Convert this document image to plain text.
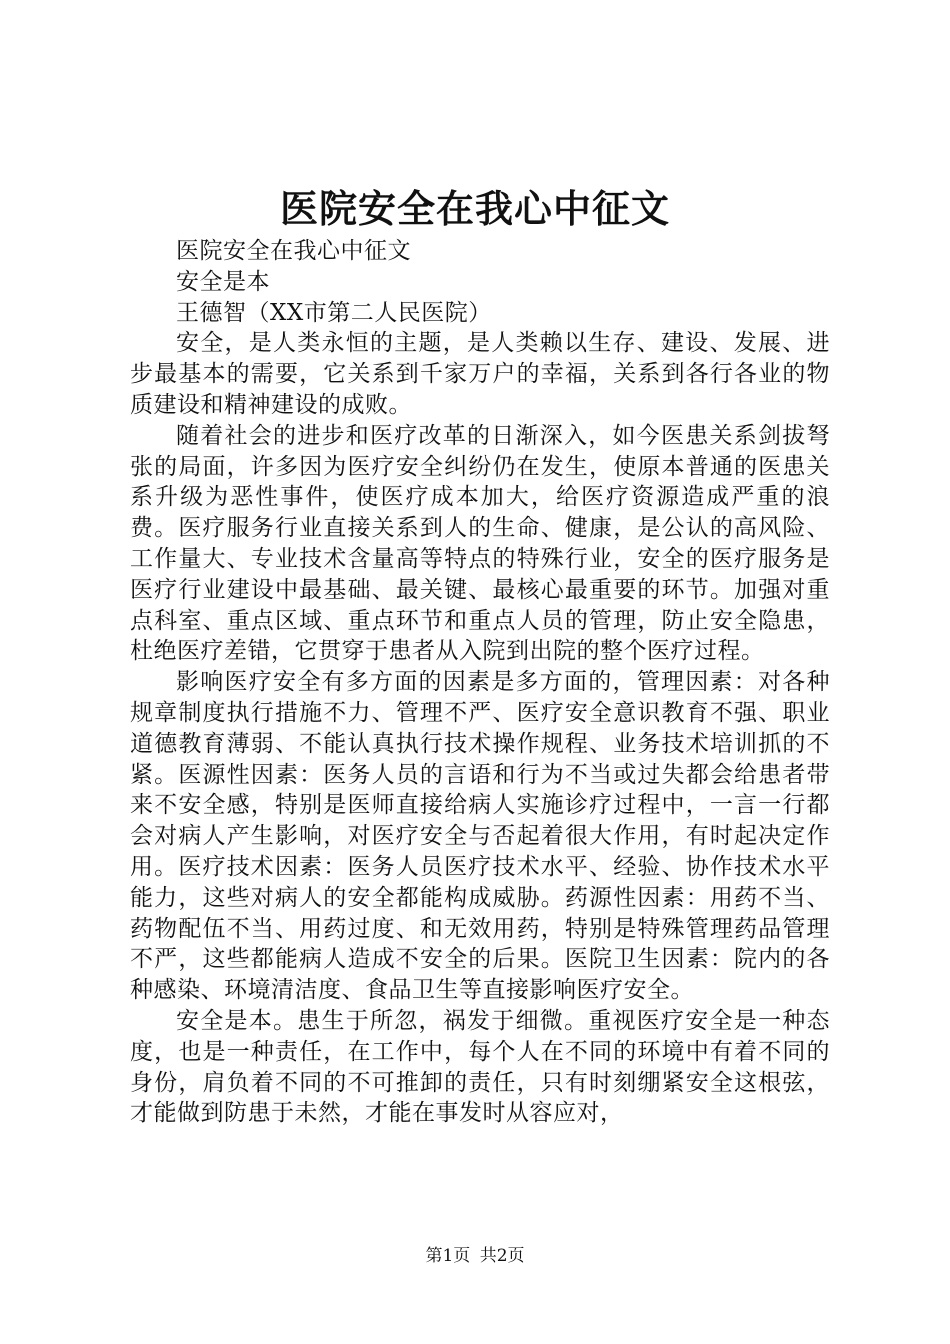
医院安全在我心中征文

医院安全在我心中征文

安全是本

王德智（XX市第二人民医院）

安全，是人类永恒的主题，是人类赖以生存、建设、发展、进步最基本的需要，它关系到千家万户的幸福，关系到各行各业的物质建设和精神建设的成败。

随着社会的进步和医疗改革的日渐深入，如今医患关系剑拔弩张的局面，许多因为医疗安全纠纷仍在发生，使原本普通的医患关系升级为恶性事件，使医疗成本加大，给医疗资源造成严重的浪费。医疗服务行业直接关系到人的生命、健康，是公认的高风险、工作量大、专业技术含量高等特点的特殊行业，安全的医疗服务是医疗行业建设中最基础、最关键、最核心最重要的环节。加强对重点科室、重点区域、重点环节和重点人员的管理，防止安全隐患，杜绝医疗差错，它贯穿于患者从入院到出院的整个医疗过程。

影响医疗安全有多方面的因素是多方面的，管理因素：对各种规章制度执行措施不力、管理不严、医疗安全意识教育不强、职业道德教育薄弱、不能认真执行技术操作规程、业务技术培训抓的不紧。医源性因素：医务人员的言语和行为不当或过失都会给患者带来不安全感，特别是医师直接给病人实施诊疗过程中，一言一行都会对病人产生影响，对医疗安全与否起着很大作用，有时起决定作用。医疗技术因素：医务人员医疗技术水平、经验、协作技术水平能力，这些对病人的安全都能构成威胁。药源性因素：用药不当、药物配伍不当、用药过度、和无效用药，特别是特殊管理药品管理不严，这些都能病人造成不安全的后果。医院卫生因素：院内的各种感染、环境清洁度、食品卫生等直接影响医疗安全。

安全是本。患生于所忽，祸发于细微。重视医疗安全是一种态度，也是一种责任，在工作中，每个人在不同的环境中有着不同的身份，肩负着不同的不可推卸的责任，只有时刻绷紧安全这根弦，才能做到防患于未然，才能在事发时从容应对，

第1页 共2页
